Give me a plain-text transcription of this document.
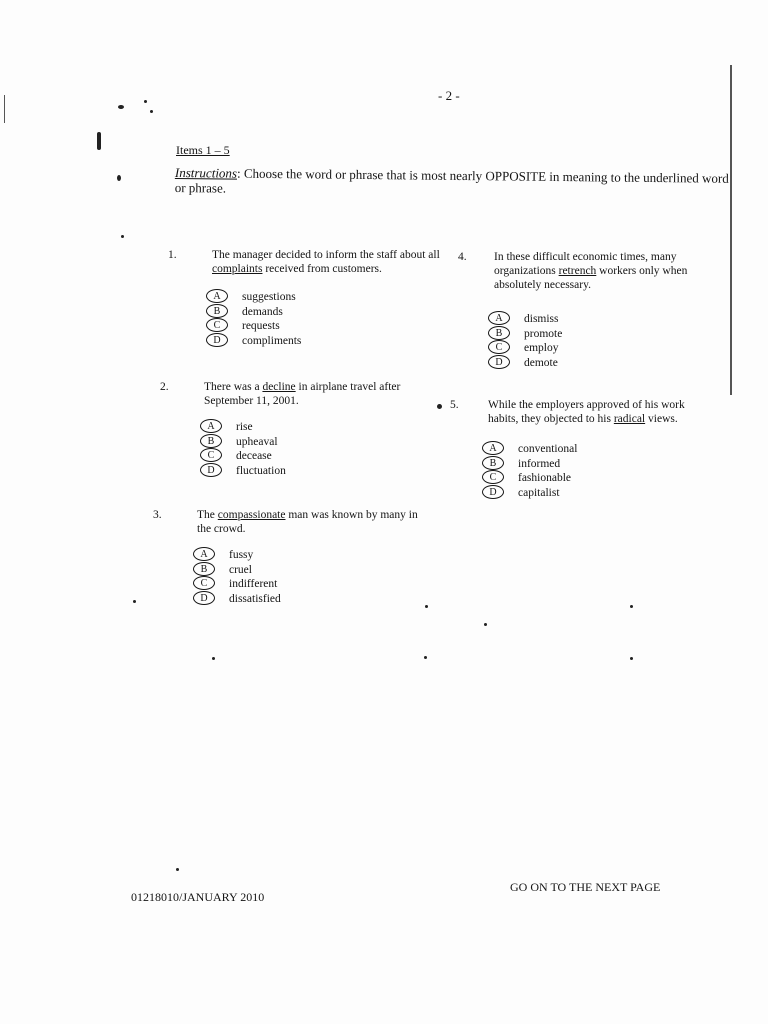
- 2 -
Items 1 – 5
Instructions: Choose the word or phrase that is most nearly OPPOSITE in meaning to the underlined word or phrase.
1.	The manager decided to inform the staff about all complaints received from customers.
A	suggestions
B	demands
C	requests
D	compliments
2.	There was a decline in airplane travel after September 11, 2001.
A	rise
B	upheaval
C	decease
D	fluctuation
3.	The compassionate man was known by many in the crowd.
A	fussy
B	cruel
C	indifferent
D	dissatisfied
4. In these difficult economic times, many organizations retrench workers only when absolutely necessary.
A	dismiss
B	promote
C	employ
D	demote
5.	While the employers approved of his work habits, they objected to his radical views.
A	conventional
B	informed
C	fashionable
D	capitalist
01218010/JANUARY 2010
GO ON TO THE NEXT PAGE
